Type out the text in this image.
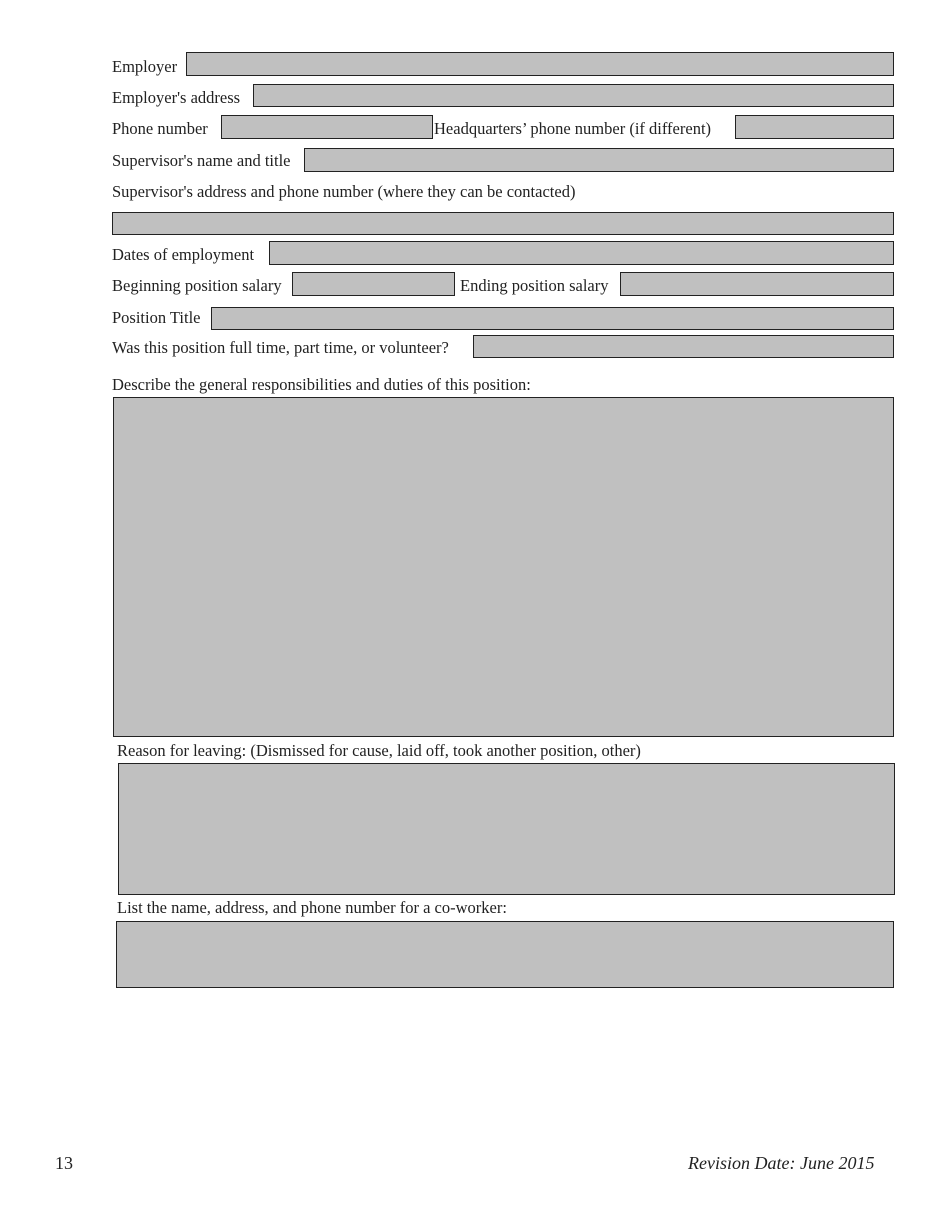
Employer
Employer's address
Phone number	Headquarters’ phone number (if different)
Supervisor's name and title
Supervisor's address and phone number (where they can be contacted)
Dates of employment
Beginning position salary	Ending position salary
Position Title
Was this position full time, part time, or volunteer?
Describe the general responsibilities and duties of this position:
Reason for leaving: (Dismissed for cause, laid off, took another position, other)
List the name, address, and phone number for a co-worker:
13	Revision Date: June 2015
